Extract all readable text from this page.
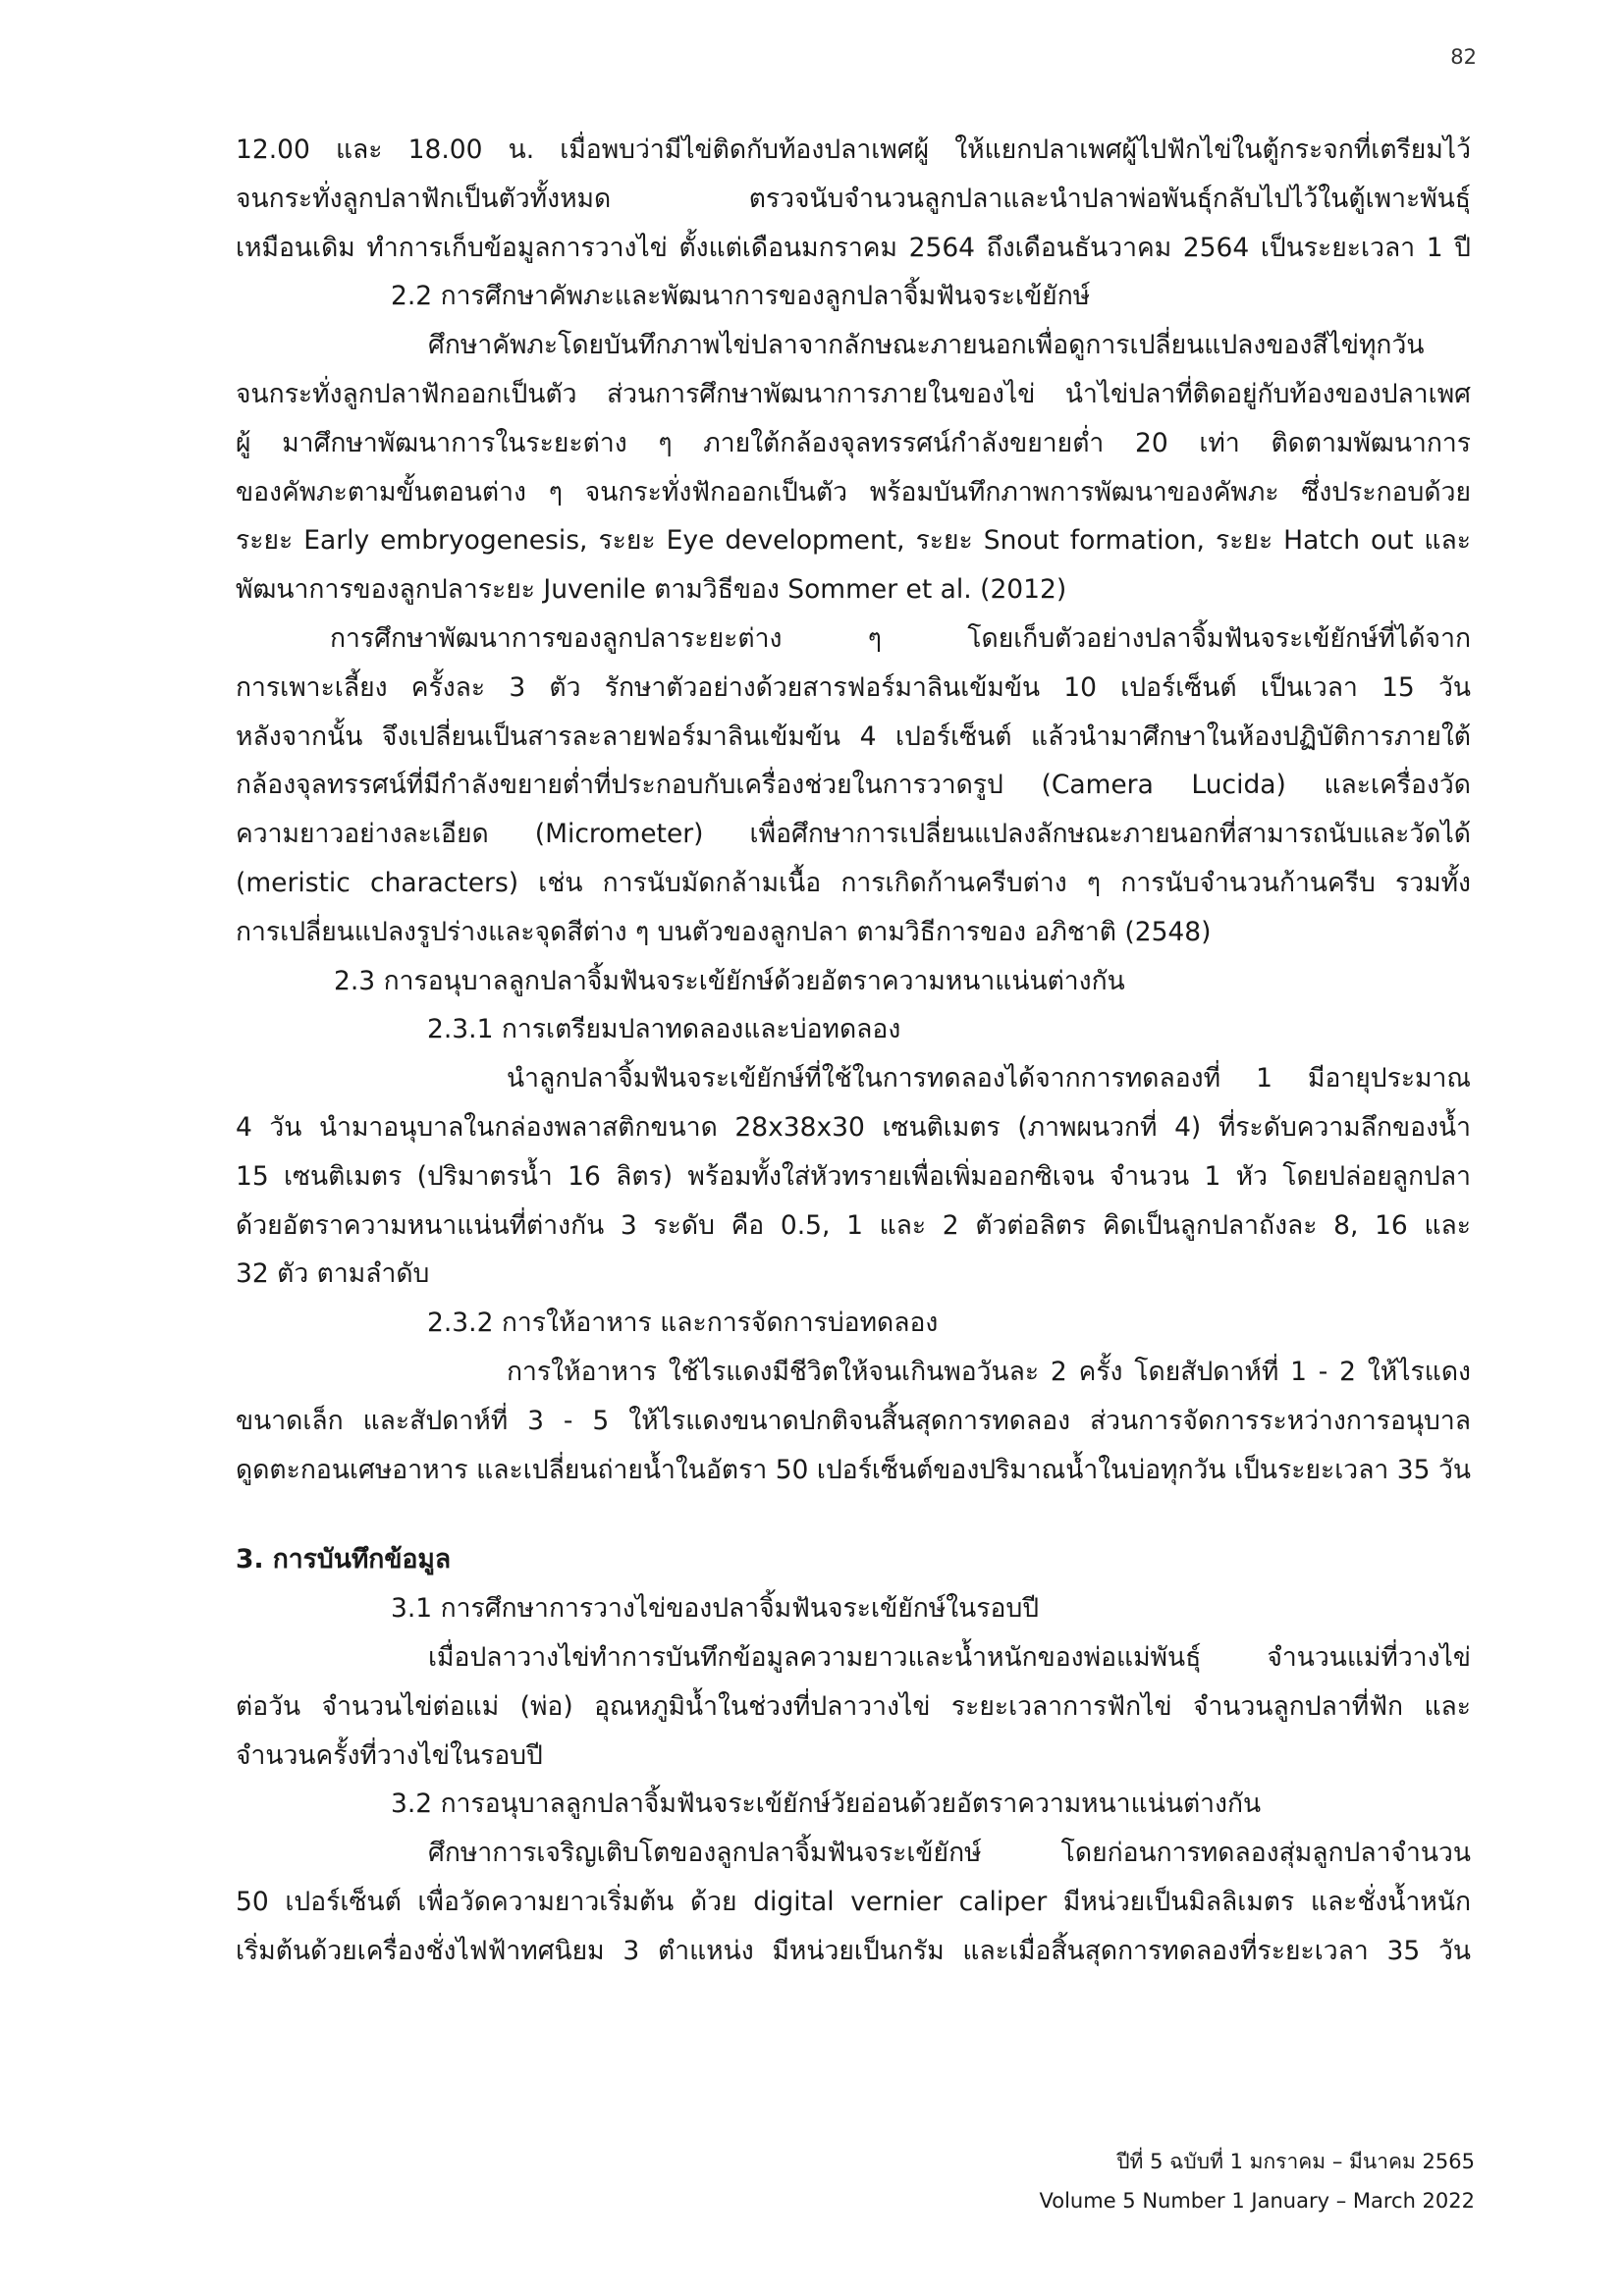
82
12.00 และ 18.00 น. เมื่อพบว่ามีไข่ติดกับท้องปลาเพศผู้ ให้แยกปลาเพศผู้ไปฟักไข่ในตู้กระจกที่เตรียมไว้
จนกระทั่งลูกปลาฟักเป็นตัวทั้งหมด ตรวจนับจำนวนลูกปลาและนำปลาพ่อพันธุ์กลับไปไว้ในตู้เพาะพันธุ์
เหมือนเดิม ทำการเก็บข้อมูลการวางไข่ ตั้งแต่เดือนมกราคม 2564 ถึงเดือนธันวาคม 2564 เป็นระยะเวลา 1 ปี
2.2 การศึกษาคัพภะและพัฒนาการของลูกปลาจิ้มฟันจระเข้ยักษ์
ศึกษาคัพภะโดยบันทึกภาพไข่ปลาจากลักษณะภายนอกเพื่อดูการเปลี่ยนแปลงของสีไข่ทุกวัน
จนกระทั่งลูกปลาฟักออกเป็นตัว ส่วนการศึกษาพัฒนาการภายในของไข่ นำไข่ปลาที่ติดอยู่กับท้องของปลาเพศ
ผู้ มาศึกษาพัฒนาการในระยะต่าง ๆ ภายใต้กล้องจุลทรรศน์กำลังขยายต่ำ 20 เท่า ติดตามพัฒนาการ
ของคัพภะตามขั้นตอนต่าง ๆ จนกระทั่งฟักออกเป็นตัว พร้อมบันทึกภาพการพัฒนาของคัพภะ ซึ่งประกอบด้วย
ระยะ Early embryogenesis, ระยะ Eye development, ระยะ Snout formation, ระยะ Hatch out และ
พัฒนาการของลูกปลาระยะ Juvenile ตามวิธีของ Sommer et al. (2012)
การศึกษาพัฒนาการของลูกปลาระยะต่าง ๆ โดยเก็บตัวอย่างปลาจิ้มฟันจระเข้ยักษ์ที่ได้จาก
การเพาะเลี้ยง ครั้งละ 3 ตัว รักษาตัวอย่างด้วยสารฟอร์มาลินเข้มข้น 10 เปอร์เซ็นต์ เป็นเวลา 15 วัน
หลังจากนั้น จึงเปลี่ยนเป็นสารละลายฟอร์มาลินเข้มข้น 4 เปอร์เซ็นต์ แล้วนำมาศึกษาในห้องปฏิบัติการภายใต้
กล้องจุลทรรศน์ที่มีกำลังขยายต่ำที่ประกอบกับเครื่องช่วยในการวาดรูป (Camera Lucida) และเครื่องวัด
ความยาวอย่างละเอียด (Micrometer) เพื่อศึกษาการเปลี่ยนแปลงลักษณะภายนอกที่สามารถนับและวัดได้
(meristic characters) เช่น การนับมัดกล้ามเนื้อ การเกิดก้านครีบต่าง ๆ การนับจำนวนก้านครีบ รวมทั้ง
การเปลี่ยนแปลงรูปร่างและจุดสีต่าง ๆ บนตัวของลูกปลา ตามวิธีการของ อภิชาติ (2548)
2.3 การอนุบาลลูกปลาจิ้มฟันจระเข้ยักษ์ด้วยอัตราความหนาแน่นต่างกัน
2.3.1 การเตรียมปลาทดลองและบ่อทดลอง
นำลูกปลาจิ้มฟันจระเข้ยักษ์ที่ใช้ในการทดลองได้จากการทดลองที่ 1 มีอายุประมาณ
4 วัน นำมาอนุบาลในกล่องพลาสติกขนาด 28x38x30 เซนติเมตร (ภาพผนวกที่ 4) ที่ระดับความลึกของน้ำ
15 เซนติเมตร (ปริมาตรน้ำ 16 ลิตร) พร้อมทั้งใส่หัวทรายเพื่อเพิ่มออกซิเจน จำนวน 1 หัว โดยปล่อยลูกปลา
ด้วยอัตราความหนาแน่นที่ต่างกัน 3 ระดับ คือ 0.5, 1 และ 2 ตัวต่อลิตร คิดเป็นลูกปลาถังละ 8, 16 และ
32 ตัว ตามลำดับ
2.3.2 การให้อาหาร และการจัดการบ่อทดลอง
การให้อาหาร ใช้ไรแดงมีชีวิตให้จนเกินพอวันละ 2 ครั้ง โดยสัปดาห์ที่ 1 - 2 ให้ไรแดง
ขนาดเล็ก และสัปดาห์ที่ 3 - 5 ให้ไรแดงขนาดปกติจนสิ้นสุดการทดลอง ส่วนการจัดการระหว่างการอนุบาล
ดูดตะกอนเศษอาหาร และเปลี่ยนถ่ายน้ำในอัตรา 50 เปอร์เซ็นต์ของปริมาณน้ำในบ่อทุกวัน เป็นระยะเวลา 35 วัน
3. การบันทึกข้อมูล
3.1 การศึกษาการวางไข่ของปลาจิ้มฟันจระเข้ยักษ์ในรอบปี
เมื่อปลาวางไข่ทำการบันทึกข้อมูลความยาวและน้ำหนักของพ่อแม่พันธุ์ จำนวนแม่ที่วางไข่
ต่อวัน จำนวนไข่ต่อแม่ (พ่อ) อุณหภูมิน้ำในช่วงที่ปลาวางไข่ ระยะเวลาการฟักไข่ จำนวนลูกปลาที่ฟัก และ
จำนวนครั้งที่วางไข่ในรอบปี
3.2 การอนุบาลลูกปลาจิ้มฟันจระเข้ยักษ์วัยอ่อนด้วยอัตราความหนาแน่นต่างกัน
ศึกษาการเจริญเติบโตของลูกปลาจิ้มฟันจระเข้ยักษ์ โดยก่อนการทดลองสุ่มลูกปลาจำนวน
50 เปอร์เซ็นต์ เพื่อวัดความยาวเริ่มต้น ด้วย digital vernier caliper มีหน่วยเป็นมิลลิเมตร และชั่งน้ำหนัก
เริ่มต้นด้วยเครื่องชั่งไฟฟ้าทศนิยม 3 ตำแหน่ง มีหน่วยเป็นกรัม และเมื่อสิ้นสุดการทดลองที่ระยะเวลา 35 วัน
ปีที่ 5 ฉบับที่ 1 มกราคม – มีนาคม 2565
Volume 5 Number 1 January – March 2022
